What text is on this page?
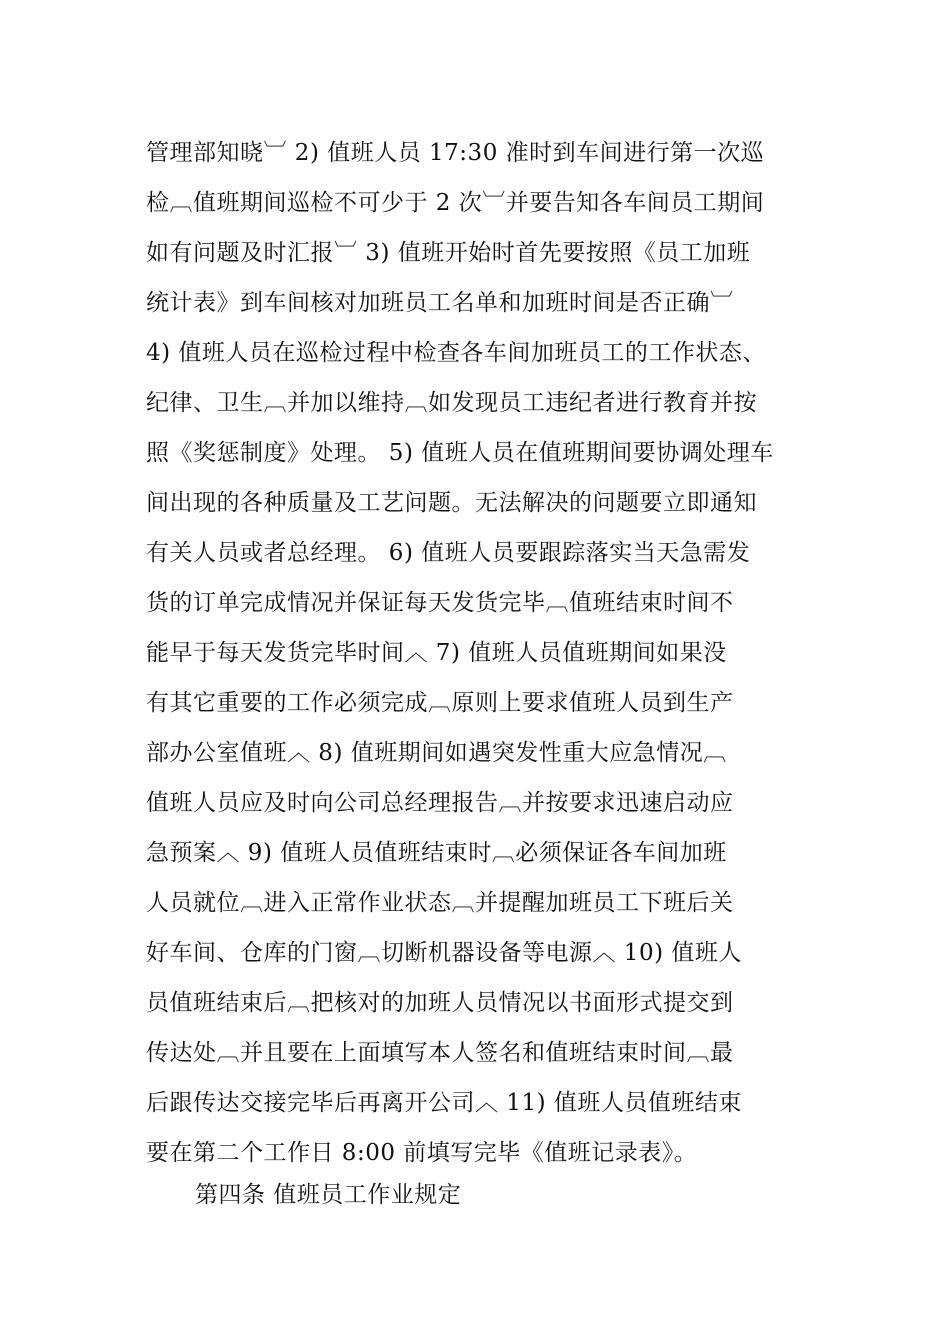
管理部知晓︺ 2) 值班人员 17:30 准时到车间进行第一次巡
检︹值班期间巡检不可少于 2 次︺并要告知各车间员工期间
如有问题及时汇报︺ 3) 值班开始时首先要按照《员工加班
统计表》到车间核对加班员工名单和加班时间是否正确︺
4) 值班人员在巡检过程中检查各车间加班员工的工作状态、
纪律、卫生︹并加以维持︹如发现员工违纪者进行教育并按
照《奖惩制度》处理。 5) 值班人员在值班期间要协调处理车
间出现的各种质量及工艺问题。无法解决的问题要立即通知
有关人员或者总经理。 6) 值班人员要跟踪落实当天急需发
货的订单完成情况并保证每天发货完毕︹值班结束时间不
能早于每天发货完毕时间︿ 7) 值班人员值班期间如果没
有其它重要的工作必须完成︹原则上要求值班人员到生产
部办公室值班︿ 8) 值班期间如遇突发性重大应急情况︹
值班人员应及时向公司总经理报告︹并按要求迅速启动应
急预案︿ 9) 值班人员值班结束时︹必须保证各车间加班
人员就位︹进入正常作业状态︹并提醒加班员工下班后关
好车间、仓库的门窗︹切断机器设备等电源︿ 10) 值班人
员值班结束后︹把核对的加班人员情况以书面形式提交到
传达处︹并且要在上面填写本人签名和值班结束时间︹最
后跟传达交接完毕后再离开公司︿ 11) 值班人员值班结束
要在第二个工作日 8:00 前填写完毕《值班记录表》。
第四条 值班员工作业规定
